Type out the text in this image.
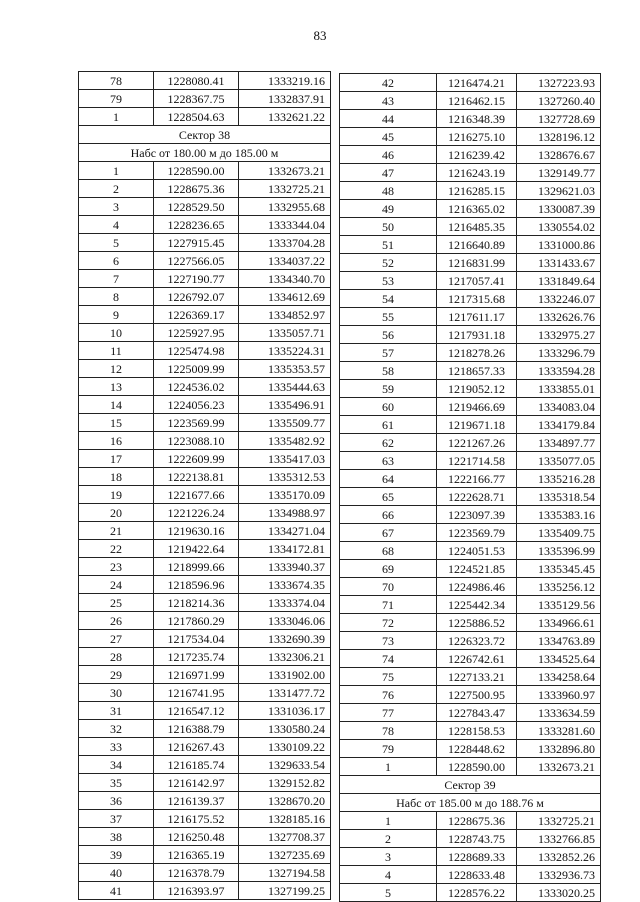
83
78	1228080.41	1333219.16
79	1228367.75	1332837.91
1	1228504.63	1332621.22
Сектор 38		
Набс от 180.00 м до 185.00 м		
1	1228590.00	1332673.21
2	1228675.36	1332725.21
3	1228529.50	1332955.68
4	1228236.65	1333344.04
5	1227915.45	1333704.28
6	1227566.05	1334037.22
7	1227190.77	1334340.70
8	1226792.07	1334612.69
9	1226369.17	1334852.97
10	1225927.95	1335057.71
11	1225474.98	1335224.31
12	1225009.99	1335353.57
13	1224536.02	1335444.63
14	1224056.23	1335496.91
15	1223569.99	1335509.77
16	1223088.10	1335482.92
17	1222609.99	1335417.03
18	1222138.81	1335312.53
19	1221677.66	1335170.09
20	1221226.24	1334988.97
21	1219630.16	1334271.04
22	1219422.64	1334172.81
23	1218999.66	1333940.37
24	1218596.96	1333674.35
25	1218214.36	1333374.04
26	1217860.29	1333046.06
27	1217534.04	1332690.39
28	1217235.74	1332306.21
29	1216971.99	1331902.00
30	1216741.95	1331477.72
31	1216547.12	1331036.17
32	1216388.79	1330580.24
33	1216267.43	1330109.22
34	1216185.74	1329633.54
35	1216142.97	1329152.82
36	1216139.37	1328670.20
37	1216175.52	1328185.16
38	1216250.48	1327708.37
39	1216365.19	1327235.69
40	1216378.79	1327194.58
41	1216393.97	1327199.25
42	1216474.21	1327223.93
43	1216462.15	1327260.40
44	1216348.39	1327728.69
45	1216275.10	1328196.12
46	1216239.42	1328676.67
47	1216243.19	1329149.77
48	1216285.15	1329621.03
49	1216365.02	1330087.39
50	1216485.35	1330554.02
51	1216640.89	1331000.86
52	1216831.99	1331433.67
53	1217057.41	1331849.64
54	1217315.68	1332246.07
55	1217611.17	1332626.76
56	1217931.18	1332975.27
57	1218278.26	1333296.79
58	1218657.33	1333594.28
59	1219052.12	1333855.01
60	1219466.69	1334083.04
61	1219671.18	1334179.84
62	1221267.26	1334897.77
63	1221714.58	1335077.05
64	1222166.77	1335216.28
65	1222628.71	1335318.54
66	1223097.39	1335383.16
67	1223569.79	1335409.75
68	1224051.53	1335396.99
69	1224521.85	1335345.45
70	1224986.46	1335256.12
71	1225442.34	1335129.56
72	1225886.52	1334966.61
73	1226323.72	1334763.89
74	1226742.61	1334525.64
75	1227133.21	1334258.64
76	1227500.95	1333960.97
77	1227843.47	1333634.59
78	1228158.53	1333281.60
79	1228448.62	1332896.80
1	1228590.00	1332673.21
Сектор 39		
Набс от 185.00 м до 188.76 м		
1	1228675.36	1332725.21
2	1228743.75	1332766.85
3	1228689.33	1332852.26
4	1228633.48	1332936.73
5	1228576.22	1333020.25
